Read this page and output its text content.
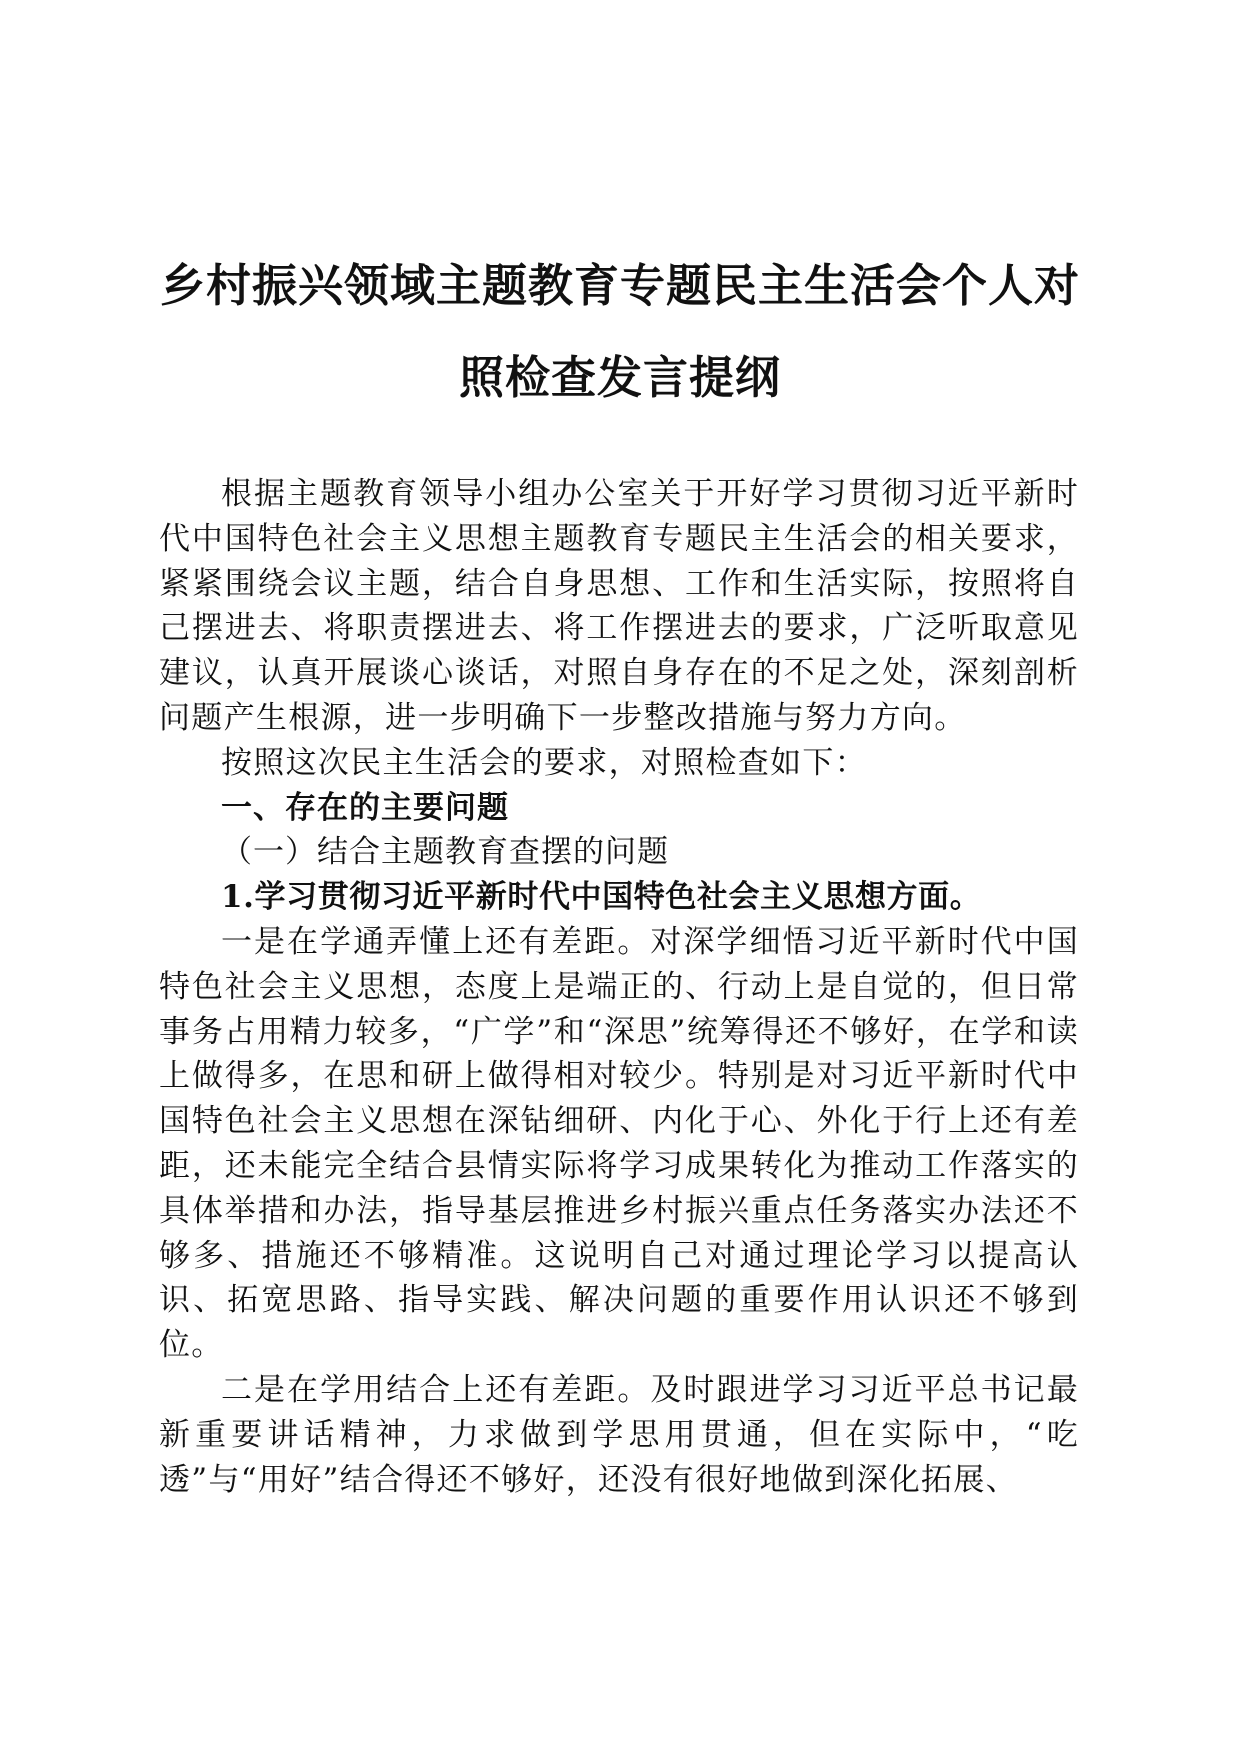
乡村振兴领域主题教育专题民主生活会个人对
照检查发言提纲

根据主题教育领导小组办公室关于开好学习贯彻习近平新时代中国特色社会主义思想主题教育专题民主生活会的相关要求，紧紧围绕会议主题，结合自身思想、工作和生活实际，按照将自己摆进去、将职责摆进去、将工作摆进去的要求，广泛听取意见建议，认真开展谈心谈话，对照自身存在的不足之处，深刻剖析问题产生根源，进一步明确下一步整改措施与努力方向。

按照这次民主生活会的要求，对照检查如下：

一、存在的主要问题

（一）结合主题教育查摆的问题

1.学习贯彻习近平新时代中国特色社会主义思想方面。

一是在学通弄懂上还有差距。对深学细悟习近平新时代中国特色社会主义思想，态度上是端正的、行动上是自觉的，但日常事务占用精力较多，“广学”和“深思”统筹得还不够好，在学和读上做得多，在思和研上做得相对较少。特别是对习近平新时代中国特色社会主义思想在深钻细研、内化于心、外化于行上还有差距，还未能完全结合县情实际将学习成果转化为推动工作落实的具体举措和办法，指导基层推进乡村振兴重点任务落实办法还不够多、措施还不够精准。这说明自己对通过理论学习以提高认识、拓宽思路、指导实践、解决问题的重要作用认识还不够到位。

二是在学用结合上还有差距。及时跟进学习习近平总书记最新重要讲话精神，力求做到学思用贯通，但在实际中，“吃透”与“用好”结合得还不够好，还没有很好地做到深化拓展、
